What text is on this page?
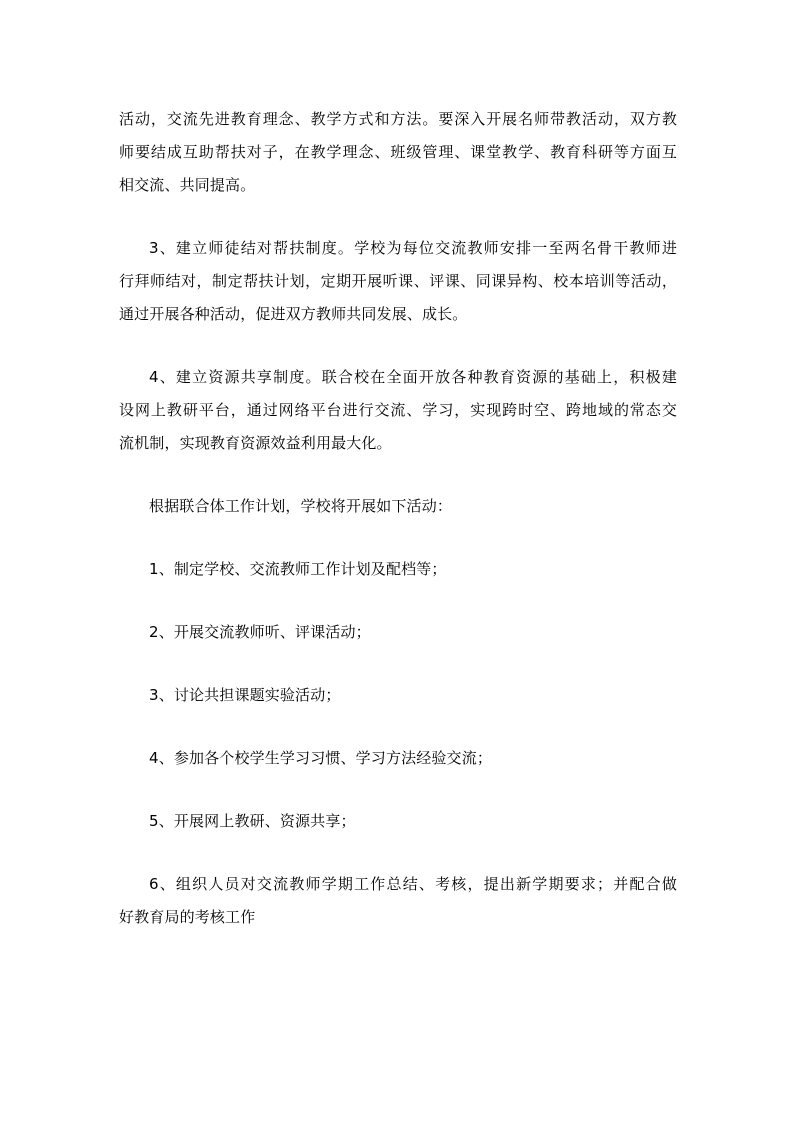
活动，交流先进教育理念、教学方式和方法。要深入开展名师带教活动，双方教
师要结成互助帮扶对子，在教学理念、班级管理、课堂教学、教育科研等方面互
相交流、共同提高。
3、建立师徒结对帮扶制度。学校为每位交流教师安排一至两名骨干教师进
行拜师结对，制定帮扶计划，定期开展听课、评课、同课异构、校本培训等活动，
通过开展各种活动，促进双方教师共同发展、成长。
4、建立资源共享制度。联合校在全面开放各种教育资源的基础上，积极建
设网上教研平台，通过网络平台进行交流、学习，实现跨时空、跨地域的常态交
流机制，实现教育资源效益利用最大化。
根据联合体工作计划，学校将开展如下活动：
1、制定学校、交流教师工作计划及配档等；
2、开展交流教师听、评课活动；
3、讨论共担课题实验活动；
4、参加各个校学生学习习惯、学习方法经验交流；
5、开展网上教研、资源共享；
6、组织人员对交流教师学期工作总结、考核，提出新学期要求；并配合做
好教育局的考核工作
